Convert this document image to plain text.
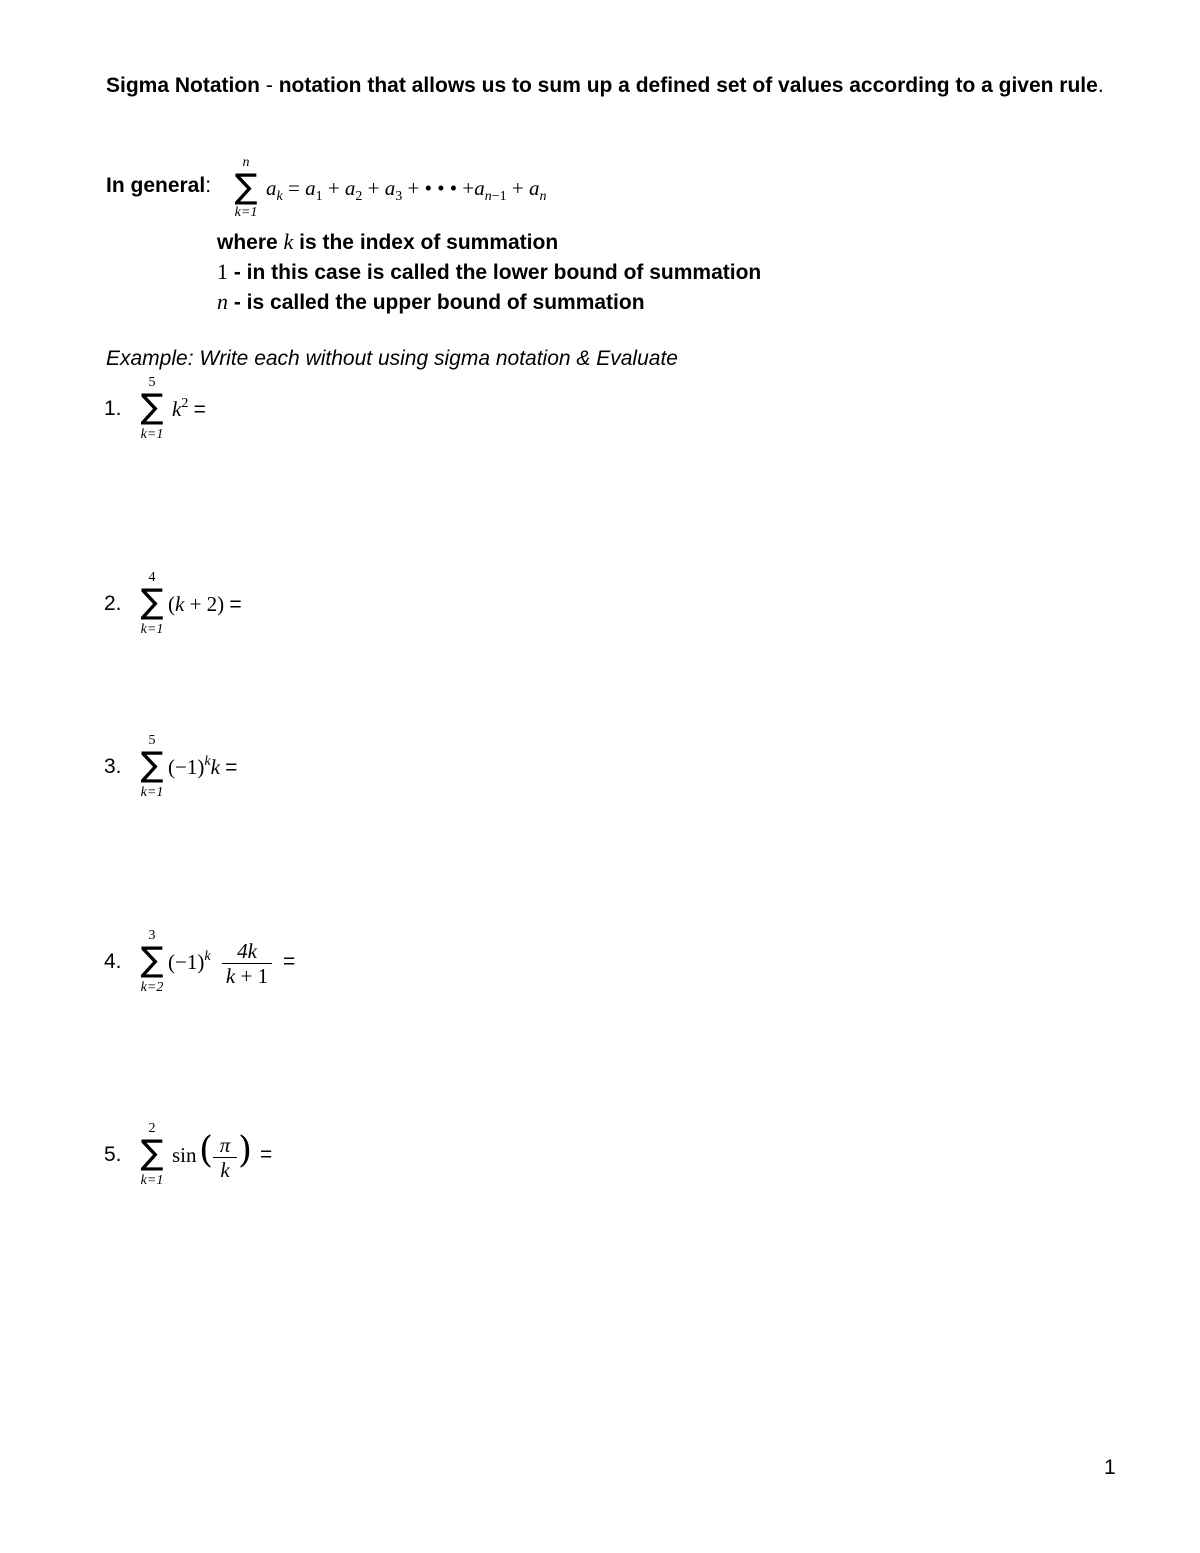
Sigma Notation - notation that allows us to sum up a defined set of values according to a given rule.
In general:
n
∑
k=1
$a_k = a_1 + a_2 + a_3$ + • • • $+a_{n-1} + a_n$
where k is the index of summation
1 - in this case is called the lower bound of summation
n - is called the upper bound of summation
Example: Write each without using sigma notation & Evaluate
1.
5
∑
k=1
$k^2$ =
2.
4
∑
k=1
(k + 2) =
3.
5
∑
k=1
$(-1)^kk$ =
4.
3
∑
k=2
$(-1)^k$	4k
k + 1
=
5.
2
∑
k=1
sin ( π
k ) =
1
